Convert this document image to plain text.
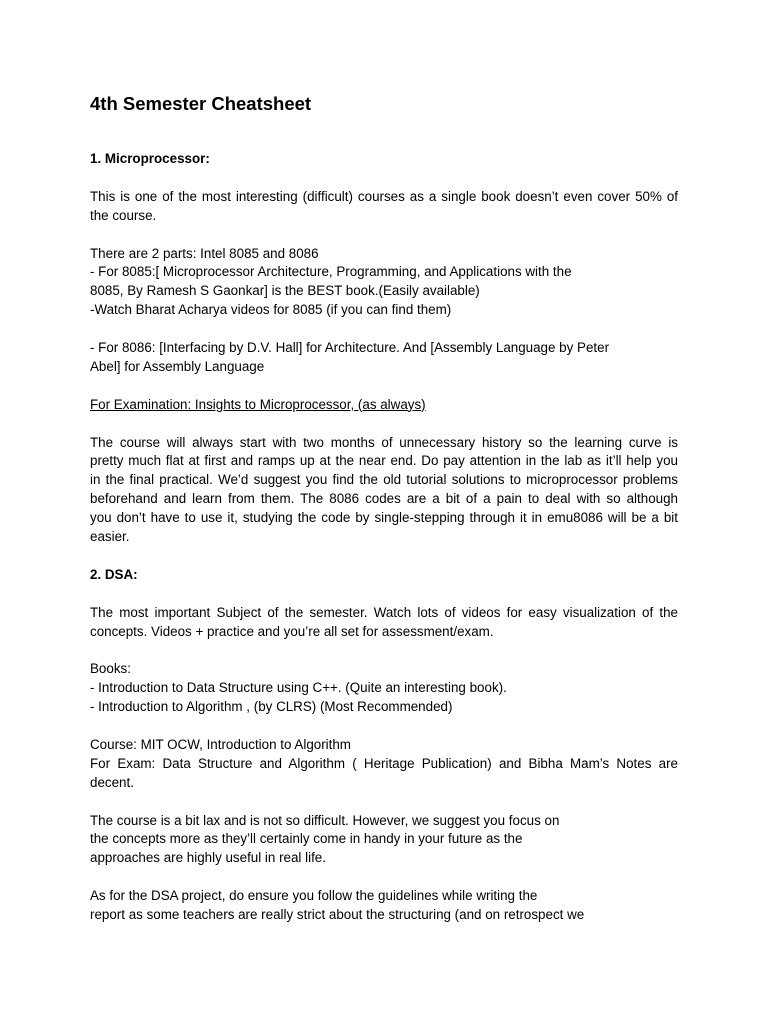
4th Semester Cheatsheet
1. Microprocessor:

This is one of the most interesting (difficult) courses as a single book doesn’t even cover 50% of
the course.

There are 2 parts: Intel 8085 and 8086
- For 8085:[ Microprocessor Architecture, Programming, and Applications with the
8085, By Ramesh S Gaonkar] is the BEST book.(Easily available)
-Watch Bharat Acharya videos for 8085 (if you can find them)

- For 8086: [Interfacing by D.V. Hall] for Architecture. And [Assembly Language by Peter
Abel] for Assembly Language

For Examination: Insights to Microprocessor, (as always)

The course will always start with two months of unnecessary history so the learning curve is
pretty much flat at first and ramps up at the near end. Do pay attention in the lab as it’ll help you
in the final practical. We’d suggest you find the old tutorial solutions to microprocessor problems
beforehand and learn from them. The 8086 codes are a bit of a pain to deal with so although
you don’t have to use it, studying the code by single-stepping through it in emu8086 will be a bit
easier.

2. DSA:

The most important Subject of the semester. Watch lots of videos for easy visualization of the
concepts. Videos + practice and you’re all set for assessment/exam.

Books:
- Introduction to Data Structure using C++. (Quite an interesting book).
- Introduction to Algorithm , (by CLRS) (Most Recommended)

Course: MIT OCW, Introduction to Algorithm
For Exam: Data Structure and Algorithm ( Heritage Publication) and Bibha Mam’s Notes are
decent.

The course is a bit lax and is not so difficult. However, we suggest you focus on
the concepts more as they’ll certainly come in handy in your future as the
approaches are highly useful in real life.

As for the DSA project, do ensure you follow the guidelines while writing the
report as some teachers are really strict about the structuring (and on retrospect we
